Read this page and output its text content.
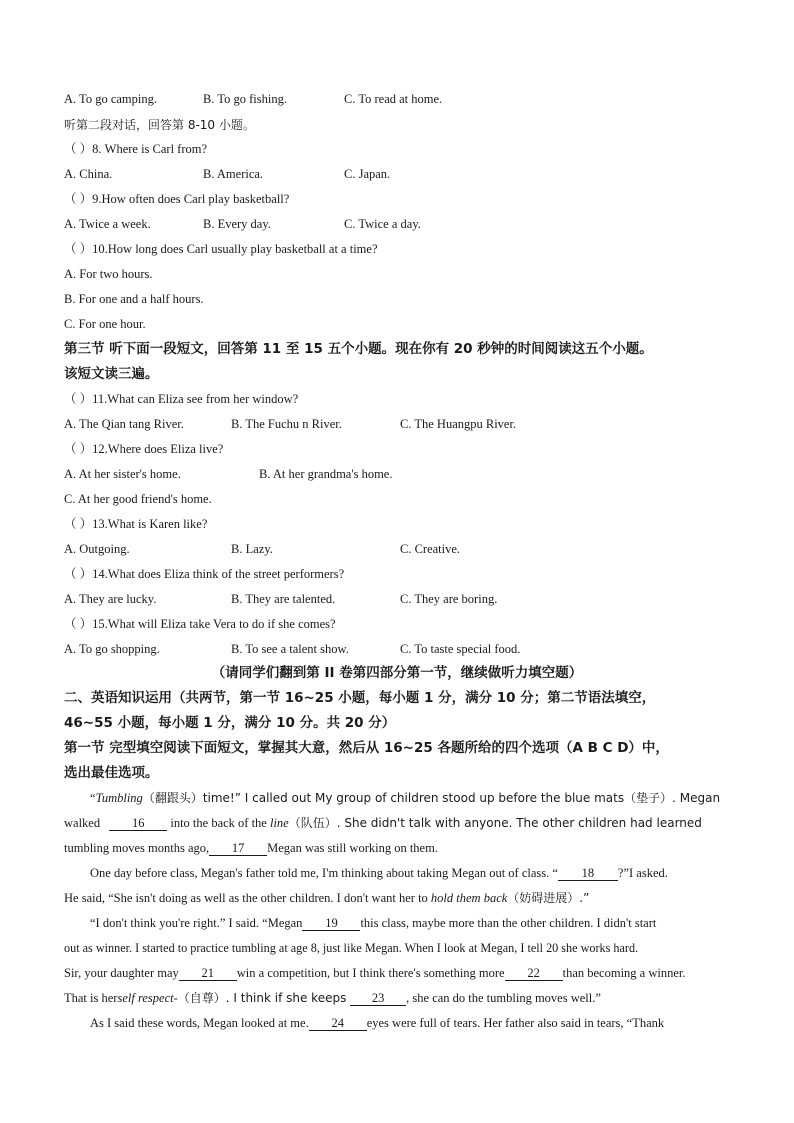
A. To go camping.	B. To go fishing.	C. To read at home.
听第二段对话，回答第 8-10 小题。
（ ）8. Where is Carl from?
A. China.	B. America.	C. Japan.
（ ）9.How often does Carl play basketball?
A. Twice a week.	B. Every day.	C. Twice a day.
（ ）10.How long does Carl usually play basketball at a time?
A. For two hours.
B. For one and a half hours.
C. For one hour.
第三节 听下面一段短文，回答第 11 至 15 五个小题。现在你有 20 秒钟的时间阅读这五个小题。
该短文读三遍。
（ ）11.What can Eliza see from her window?
A. The Qian tang River.	B. The Fuchu n River.	C. The Huangpu River.
（ ）12.Where does Eliza live?
A. At her sister's home.	B. At her grandma's home.
C. At her good friend's home.
（ ）13.What is Karen like?
A. Outgoing.	B. Lazy.	C. Creative.
（ ）14.What does Eliza think of the street performers?
A. They are lucky.	B. They are talented.	C. They are boring.
（ ）15.What will Eliza take Vera to do if she comes?
A. To go shopping.	B. To see a talent show.	C. To taste special food.
（请同学们翻到第 II 卷第四部分第一节，继续做听力填空题）
二、英语知识运用（共两节，第一节 16~25 小题，每小题 1 分，满分 10 分；第二节语法填空，
46~55 小题，每小题 1 分，满分 10 分。共 20 分）
第一节 完型填空阅读下面短文，掌握其大意，然后从 16~25 各题所给的四个选项（A B C D）中，
选出最佳选项。
“Tumbling（翻跟头）time!” I called out My group of children stood up before the blue mats（垫子）. Megan
walked 16 into the back of the line（队伍）. She didn't talk with anyone. The other children had learned
tumbling moves months ago, 17 Megan was still working on them.
One day before class, Megan's father told me, I'm thinking about taking Megan out of class. “ 18 ?”I asked.
He said, “She isn't doing as well as the other children. I don't want her to hold them back（妨碍进展）.”
“I don't think you're right.” I said. “Megan 19 this class, maybe more than the other children. I didn't start
out as winner. I started to practice tumbling at age 8, just like Megan. When I look at Megan, I tell 20 she works hard.
Sir, your daughter may 21 win a competition, but I think there's something more 22 than becoming a winner.
That is herself respect-（自尊）. I think if she keeps 23 , she can do the tumbling moves well.”
As I said these words, Megan looked at me. 24 eyes were full of tears. Her father also said in tears, “Thank
